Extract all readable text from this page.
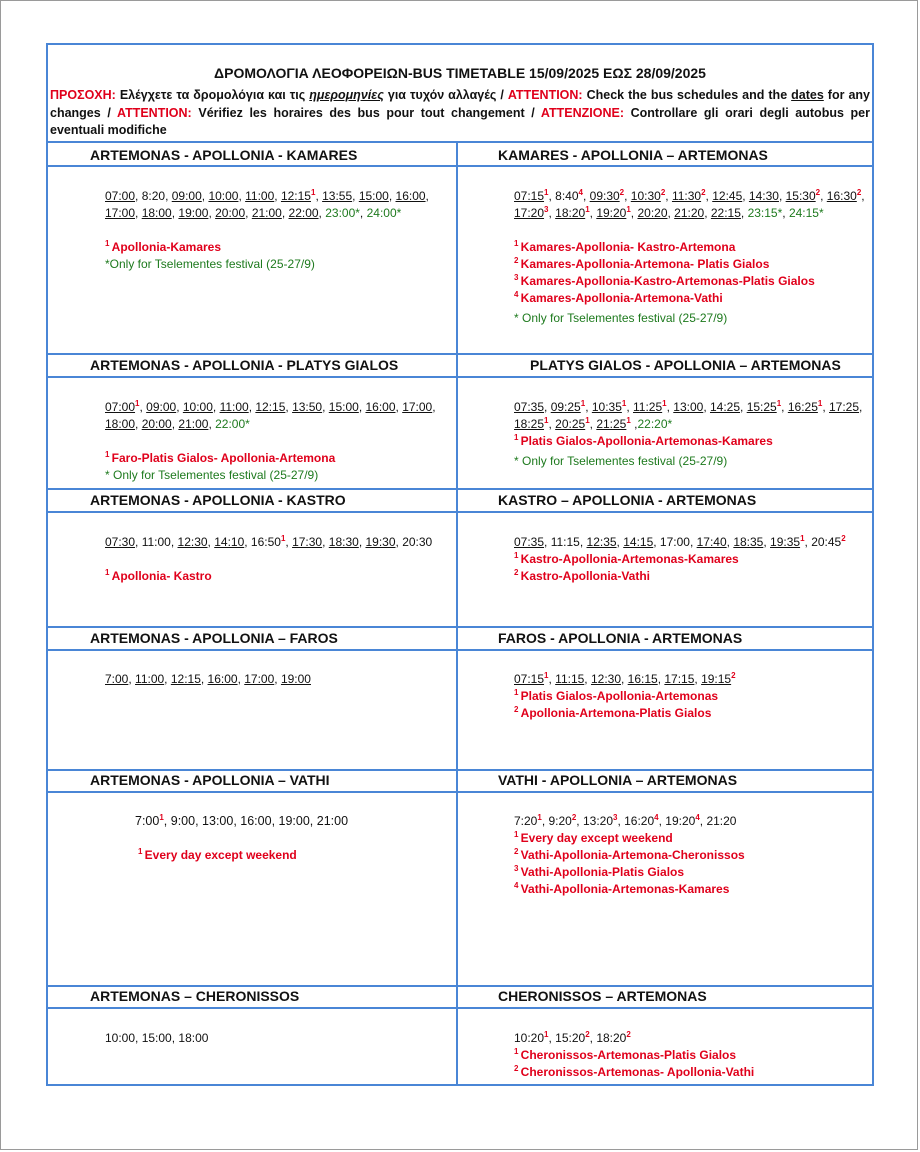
ΔΡΟΜΟΛΟΓΙΑ ΛΕΟΦΟΡΕΙΩΝ-BUS TIMETABLE 15/09/2025 ΕΩΣ 28/09/2025
ΠΡΟΣΟΧΗ: Ελέγχετε τα δρομολόγια και τις ημερομηνίες για τυχόν αλλαγές / ATTENTION: Check the bus schedules and the dates for any changes / ATTENTION: Vérifiez les horaires des bus pour tout changement / ATTENZIONE: Controllare gli orari degli autobus per eventuali modifiche
ARTEMONAS - APOLLONIA - KAMARES	KAMARES - APOLLONIA – ARTEMONAS
07:00, 8:20, 09:00, 10:00, 11:00, $12:15^1$, 13:55, 15:00, 16:00, 17:00, 18:00, 19:00, 20:00, 21:00, 22:00, 23:00*, 24:00*
$^1$ Apollonia-Kamares
*Only for Tselementes festival (25-27/9)
$07:15^1$, $8:40^4$, $09:30^2$, $10:30^2$, $11:30^2$, 12:45, 14:30, $15:30^2$, $16:30^2$, $17:20^3$, $18:20^1$, $19:20^1$, 20:20, 21:20, 22:15, 23:15*, 24:15*
$^1$ Kamares-Apollonia- Kastro-Artemona
$^2$ Kamares-Apollonia-Artemona- Platis Gialos
$^3$ Kamares-Apollonia-Kastro-Artemonas-Platis Gialos
$^4$ Kamares-Apollonia-Artemona-Vathi
* Only for Tselementes festival (25-27/9)
ARTEMONAS - APOLLONIA - PLATYS GIALOS	PLATYS GIALOS - APOLLONIA – ARTEMONAS
$07:00^1$, 09:00, 10:00, 11:00, 12:15, 13:50, 15:00, 16:00, 17:00, 18:00, 20:00, 21:00, 22:00*
$^1$ Faro-Platis Gialos- Apollonia-Artemona
* Only for Tselementes festival (25-27/9)
07:35, $09:25^1$, $10:35^1$, $11:25^1$, 13:00, 14:25, $15:25^1$, $16:25^1$, 17:25, $18:25^1$, $20:25^1$, $21:25^1$ ,22:20*
$^1$ Platis Gialos-Apollonia-Artemonas-Kamares
* Only for Tselementes festival (25-27/9)
ARTEMONAS - APOLLONIA - KASTRO	KASTRO – APOLLONIA - ARTEMONAS
07:30, 11:00, 12:30, 14:10, $16:50^1$, 17:30, 18:30, 19:30, 20:30
$^1$ Apollonia- Kastro
07:35, 11:15, 12:35, 14:15, 17:00, 17:40, 18:35, $19:35^1$, $20:45^2$
$^1$ Kastro-Apollonia-Artemonas-Kamares
$^2$ Kastro-Apollonia-Vathi
ARTEMONAS - APOLLONIA – FAROS	FAROS - APOLLONIA - ARTEMONAS
7:00, 11:00, 12:15, 16:00, 17:00, 19:00	$07:15^1$, 11:15, 12:30, 16:15, 17:15, $19:15^2$
$^1$ Platis Gialos-Apollonia-Artemonas
$^2$ Apollonia-Artemona-Platis Gialos
ARTEMONAS - APOLLONIA – VATHI	VATHI - APOLLONIA – ARTEMONAS
$7:00^1$, 9:00, 13:00, 16:00, 19:00, 21:00
$^1$ Every day except weekend
$7:20^1$, $9:20^2$, $13:20^3$, $16:20^4$, $19:20^4$, 21:20
$^1$ Every day except weekend
$^2$ Vathi-Apollonia-Artemona-Cheronissos
$^3$ Vathi-Apollonia-Platis Gialos
$^4$ Vathi-Apollonia-Artemonas-Kamares
ARTEMONAS – CHERONISSOS	CHERONISSOS – ARTEMONAS
10:00, 15:00, 18:00	$10:20^1$, $15:20^2$, $18:20^2$
$^1$ Cheronissos-Artemonas-Platis Gialos
$^2$ Cheronissos-Artemonas- Apollonia-Vathi
